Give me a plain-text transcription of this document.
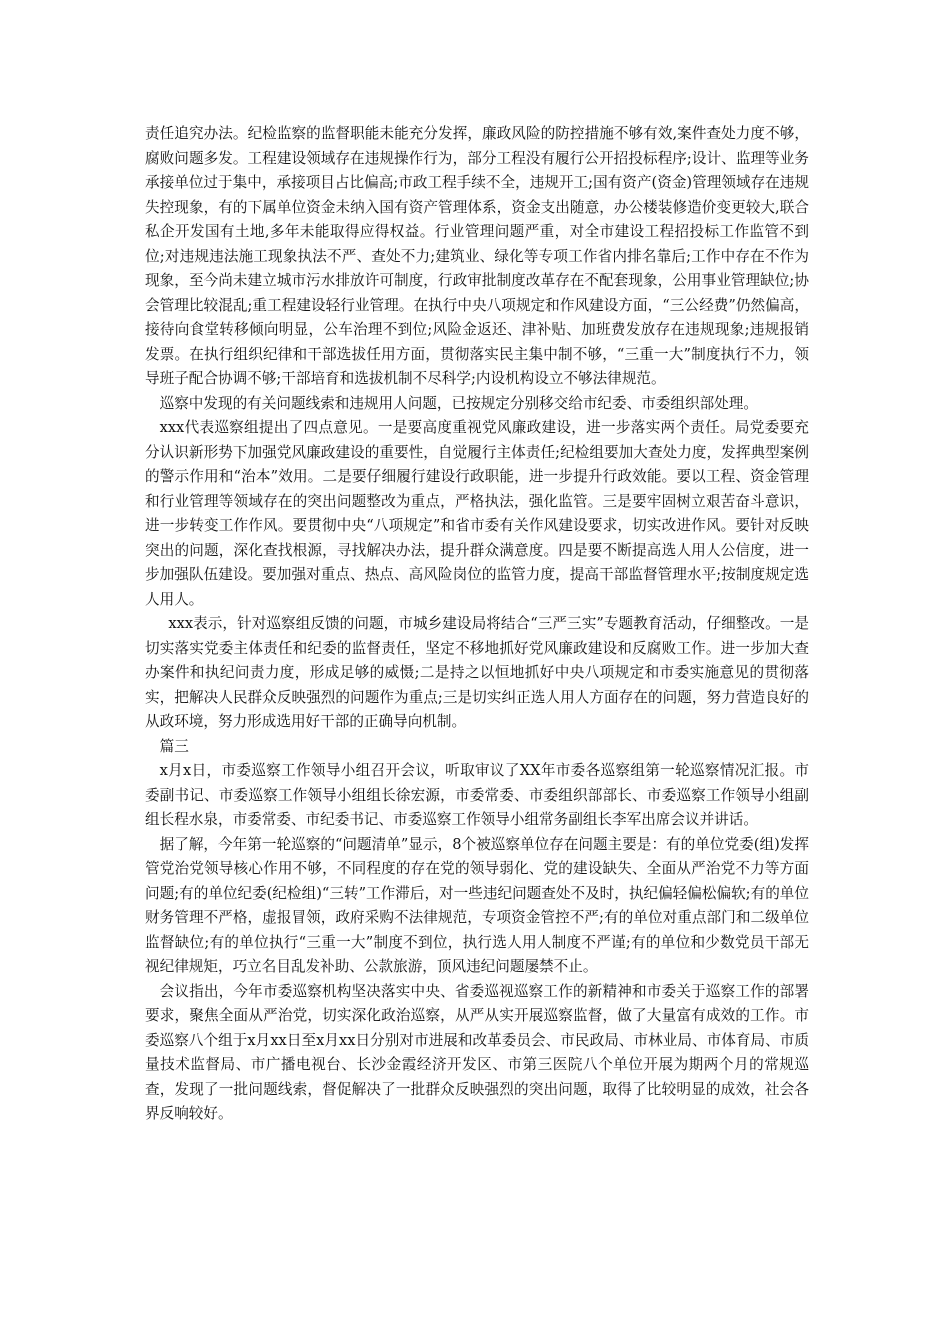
责任追究办法。纪检监察的监督职能未能充分发挥，廉政风险的防控措施不够有效,案件查处力度不够，腐败问题多发。工程建设领域存在违规操作行为，部分工程没有履行公开招投标程序;设计、监理等业务承接单位过于集中，承接项目占比偏高;市政工程手续不全，违规开工;国有资产(资金)管理领域存在违规失控现象，有的下属单位资金未纳入国有资产管理体系，资金支出随意，办公楼装修造价变更较大,联合私企开发国有土地,多年未能取得应得权益。行业管理问题严重，对全市建设工程招投标工作监管不到位;对违规违法施工现象执法不严、查处不力;建筑业、绿化等专项工作省内排名靠后;工作中存在不作为现象，至今尚未建立城市污水排放许可制度，行政审批制度改革存在不配套现象，公用事业管理缺位;协会管理比较混乱;重工程建设轻行业管理。在执行中央八项规定和作风建设方面，“三公经费”仍然偏高，接待向食堂转移倾向明显，公车治理不到位;风险金返还、津补贴、加班费发放存在违规现象;违规报销发票。在执行组织纪律和干部选拔任用方面，贯彻落实民主集中制不够，“三重一大”制度执行不力，领导班子配合协调不够;干部培育和选拔机制不尽科学;内设机构设立不够法律规范。

巡察中发现的有关问题线索和违规用人问题，已按规定分别移交给市纪委、市委组织部处理。

xxx代表巡察组提出了四点意见。一是要高度重视党风廉政建设，进一步落实两个责任。局党委要充分认识新形势下加强党风廉政建设的重要性，自觉履行主体责任;纪检组要加大查处力度，发挥典型案例的警示作用和“治本”效用。二是要仔细履行建设行政职能，进一步提升行政效能。要以工程、资金管理和行业管理等领域存在的突出问题整改为重点，严格执法，强化监管。三是要牢固树立艰苦奋斗意识，进一步转变工作作风。要贯彻中央“八项规定”和省市委有关作风建设要求，切实改进作风。要针对反映突出的问题，深化查找根源，寻找解决办法，提升群众满意度。四是要不断提高选人用人公信度，进一步加强队伍建设。要加强对重点、热点、高风险岗位的监管力度，提高干部监督管理水平;按制度规定选人用人。

xxx表示，针对巡察组反馈的问题，市城乡建设局将结合“三严三实”专题教育活动，仔细整改。一是切实落实党委主体责任和纪委的监督责任，坚定不移地抓好党风廉政建设和反腐败工作。进一步加大查办案件和执纪问责力度，形成足够的威慑;二是持之以恒地抓好中央八项规定和市委实施意见的贯彻落实，把解决人民群众反映强烈的问题作为重点;三是切实纠正选人用人方面存在的问题，努力营造良好的从政环境，努力形成选用好干部的正确导向机制。

篇三

x月x日，市委巡察工作领导小组召开会议，听取审议了XX年市委各巡察组第一轮巡察情况汇报。市委副书记、市委巡察工作领导小组组长徐宏源，市委常委、市委组织部部长、市委巡察工作领导小组副组长程水泉，市委常委、市纪委书记、市委巡察工作领导小组常务副组长李军出席会议并讲话。

据了解，今年第一轮巡察的“问题清单”显示，8个被巡察单位存在问题主要是：有的单位党委(组)发挥管党治党领导核心作用不够，不同程度的存在党的领导弱化、党的建设缺失、全面从严治党不力等方面问题;有的单位纪委(纪检组)“三转”工作滞后，对一些违纪问题查处不及时，执纪偏轻偏松偏软;有的单位财务管理不严格，虚报冒领，政府采购不法律规范，专项资金管控不严;有的单位对重点部门和二级单位监督缺位;有的单位执行“三重一大”制度不到位，执行选人用人制度不严谨;有的单位和少数党员干部无视纪律规矩，巧立名目乱发补助、公款旅游，顶风违纪问题屡禁不止。

会议指出，今年市委巡察机构坚决落实中央、省委巡视巡察工作的新精神和市委关于巡察工作的部署要求，聚焦全面从严治党，切实深化政治巡察，从严从实开展巡察监督，做了大量富有成效的工作。市委巡察八个组于x月xx日至x月xx日分别对市进展和改革委员会、市民政局、市林业局、市体育局、市质量技术监督局、市广播电视台、长沙金霞经济开发区、市第三医院八个单位开展为期两个月的常规巡查，发现了一批问题线索，督促解决了一批群众反映强烈的突出问题，取得了比较明显的成效，社会各界反响较好。
